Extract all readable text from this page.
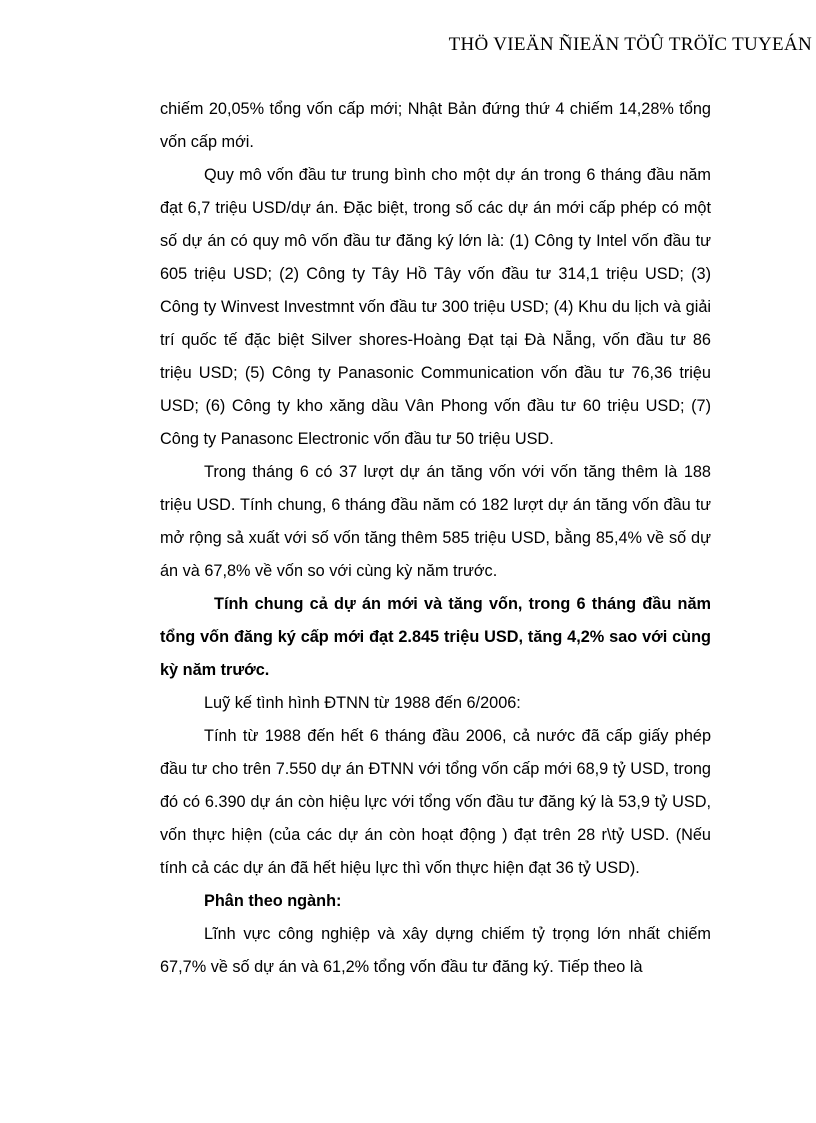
THÖ VIEÄN ÑIEÄN TÖÛ TRÖÏC TUYEÁN

chiếm 20,05% tổng vốn cấp mới; Nhật Bản đứng thứ 4 chiếm 14,28% tổng vốn cấp mới.

Quy mô vốn đầu tư trung bình cho một dự án trong 6 tháng đầu năm đạt 6,7 triệu USD/dự án. Đặc biệt, trong số các dự án mới cấp phép có một số dự án có quy mô vốn đầu tư đăng ký lớn là: (1) Công ty Intel vốn đầu tư 605 triệu USD; (2) Công ty Tây Hồ Tây vốn đầu tư 314,1 triệu USD; (3) Công ty Winvest Investmnt vốn đầu tư 300 triệu USD; (4) Khu du lịch và giải trí quốc tế đặc biệt Silver shores-Hoàng Đạt tại Đà Nẵng, vốn đầu tư 86 triệu USD; (5) Công ty Panasonic Communication vốn đầu tư 76,36 triệu USD; (6) Công ty kho xăng dầu Vân Phong vốn đầu tư 60 triệu USD; (7) Công ty Panasonc Electronic vốn đầu tư 50 triệu USD.

Trong tháng 6 có 37 lượt dự án tăng vốn với vốn tăng thêm là 188 triệu USD. Tính chung, 6 tháng đầu năm có 182 lượt dự án tăng vốn đầu tư mở rộng sả xuất với số vốn tăng thêm 585 triệu USD, bằng 85,4% về số dự án và 67,8% về vốn so với cùng kỳ năm trước.

Tính chung cả dự án mới và tăng vốn, trong 6 tháng đầu năm tổng vốn đăng ký cấp mới đạt 2.845 triệu USD, tăng 4,2% sao với cùng kỳ năm trước.

Luỹ kế tình hình ĐTNN từ 1988 đến 6/2006:

Tính từ 1988 đến hết 6 tháng đầu 2006, cả nước đã cấp giấy phép đầu tư cho trên 7.550 dự án ĐTNN với tổng vốn cấp mới 68,9 tỷ USD, trong đó có 6.390 dự án còn hiệu lực với tổng vốn đầu tư đăng ký là 53,9 tỷ USD, vốn thực hiện (của các dự án còn hoạt động ) đạt trên 28 r\tỷ USD. (Nếu tính cả các dự án đã hết hiệu lực thì vốn thực hiện đạt 36 tỷ USD).

Phân theo ngành:

Lĩnh vực công nghiệp và xây dựng chiếm tỷ trọng lớn nhất chiếm 67,7% về số dự án và 61,2% tổng vốn đầu tư đăng ký. Tiếp theo là
